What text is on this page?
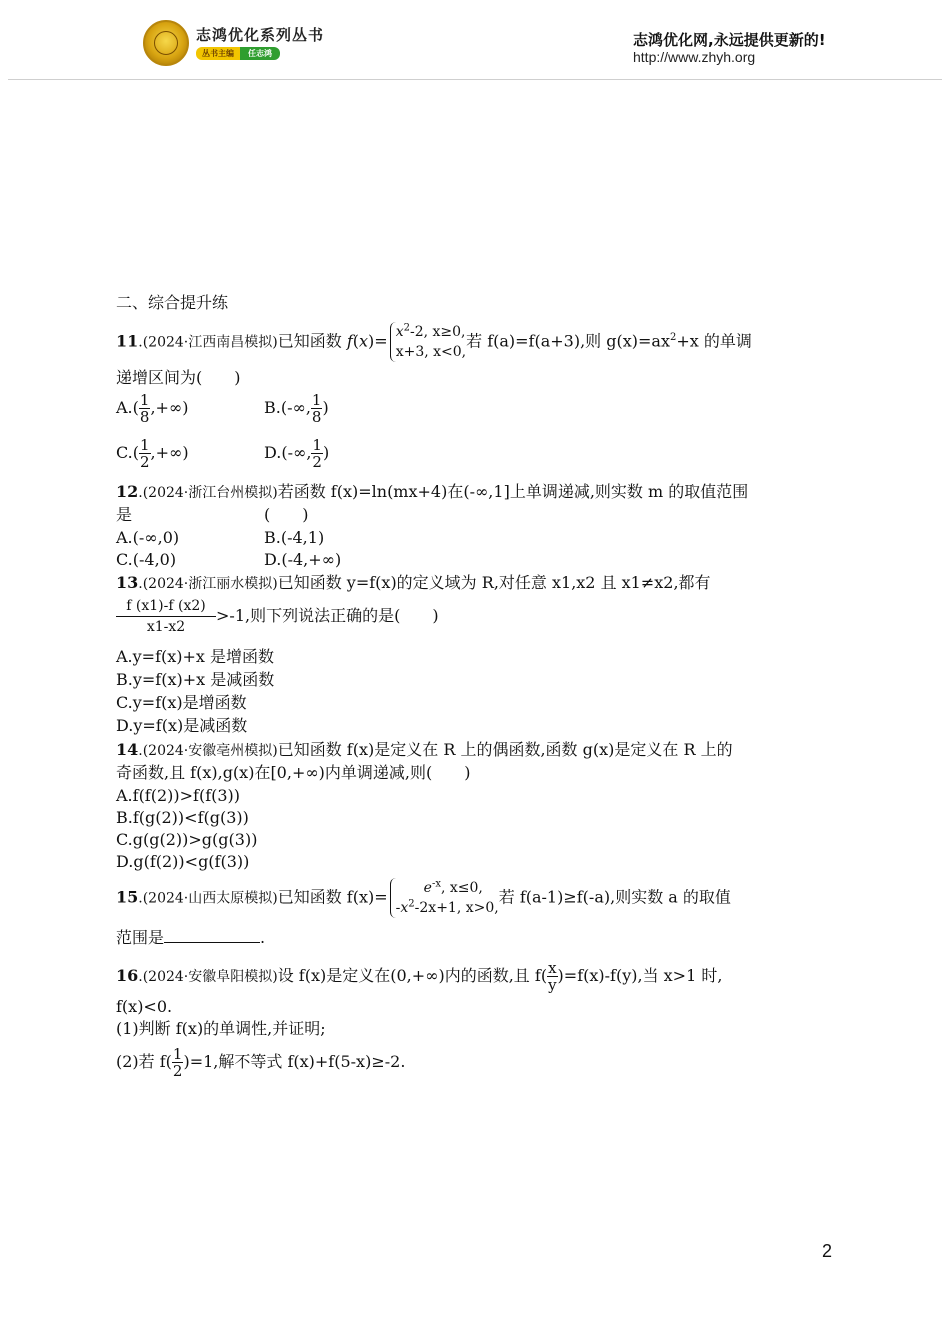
志鸿优化系列丛书
丛书主编	任志鸿
志鸿优化网,永远提供更新的!
http://www.zhyh.org
二、综合提升练
11.(2024·江西南昌模拟)已知函数 $f(x)= x^2-2$, x≥0,
x+3, x<0,
若 f(a)=f(a+3),则 $g(x)=ax^2+x$ 的单调
递增区间为(　　)
$A.( \frac{1}{8}$ ,+∞)	B.(-∞, $\frac{1}{8}$ )
$C.( \frac{1}{2}$ ,+∞)	D.(-∞, $\frac{1}{2}$ )
12.(2024·浙江台州模拟)若函数 f(x)=ln(mx+4)在(-∞,1]上单调递减,则实数 m 的取值范围
是	(　　)
A.(-∞,0)	B.(-4,1)
C.(-4,0)	D.(-4,+∞)
13.(2024·浙江丽水模拟)已知函数 y=f(x)的定义域为 R,对任意 x1,x2 且 x1≠x2,都有
$\frac{f (x1)-f (x2)}{x1-x2} >-1$,则下列说法正确的是(　　)
A.y=f(x)+x 是增函数
B.y=f(x)+x 是减函数
C.y=f(x)是增函数
D.y=f(x)是减函数
14.(2024·安徽亳州模拟)已知函数 f(x)是定义在 R 上的偶函数,函数 g(x)是定义在 R 上的
奇函数,且 f(x),g(x)在[0,+∞)内单调递减,则(　　)
A.f(f(2))>f(f(3))
B.f(g(2))<f(g(3))
C.g(g(2))>g(g(3))
D.g(f(2))<g(f(3))
15.(2024·山西太原模拟)已知函数 f(x)=	$e^{-x}$, x≤0,
$-x^2-2x+1$, x>0,
若 f(a-1)≥f(-a),则实数 a 的取值
范围是	.
16.(2024·安徽阜阳模拟)设 f(x)是定义在(0,+∞)内的函数,且 $f( \frac{x}{y} )=f(x)-f(y)$,当 x>1 时,
f(x)<0.
(1)判断 f(x)的单调性,并证明;
(2)若 $f( \frac{1}{2} )=1$,解不等式 f(x)+f(5-x)≥-2.
2
